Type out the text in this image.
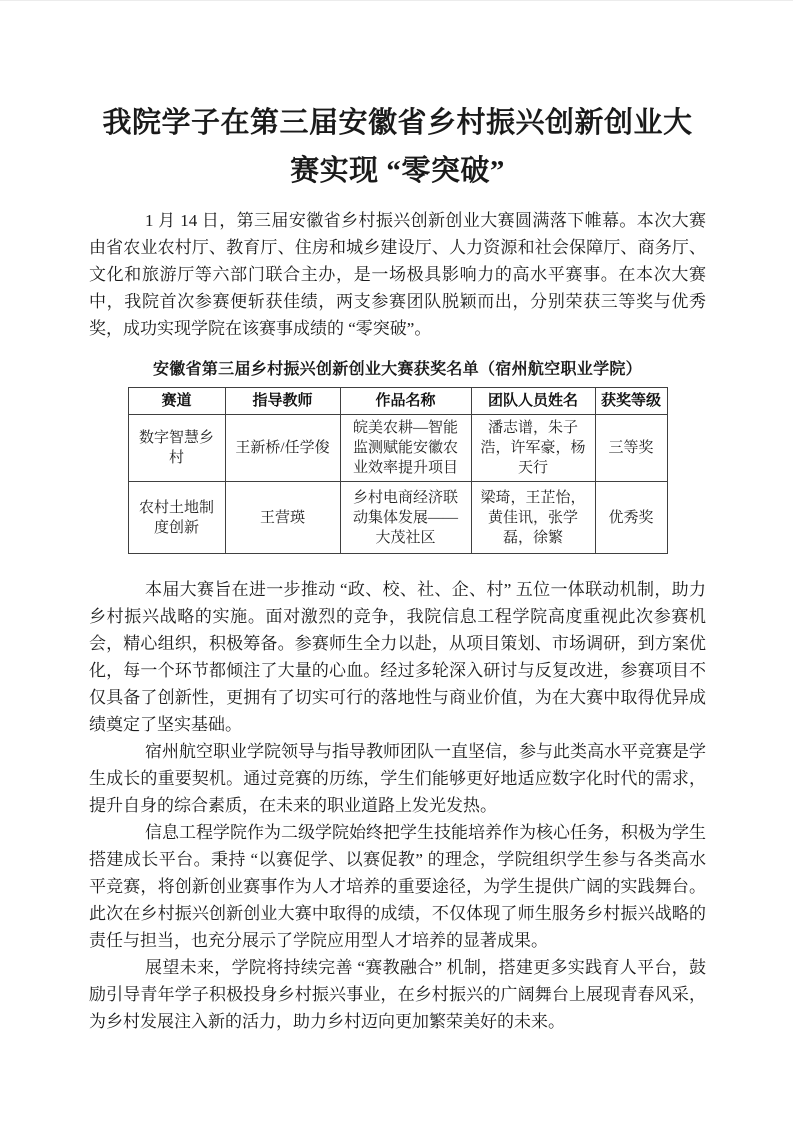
我院学子在第三届安徽省乡村振兴创新创业大
赛实现 “零突破”

1 月 14 日，第三届安徽省乡村振兴创新创业大赛圆满落下帷幕。本次大赛由省农业农村厅、教育厅、住房和城乡建设厅、人力资源和社会保障厅、商务厅、文化和旅游厅等六部门联合主办，是一场极具影响力的高水平赛事。在本次大赛中，我院首次参赛便斩获佳绩，两支参赛团队脱颖而出，分别荣获三等奖与优秀奖，成功实现学院在该赛事成绩的 “零突破”。

安徽省第三届乡村振兴创新创业大赛获奖名单（宿州航空职业学院）
赛道	指导教师	作品名称	团队人员姓名	获奖等级
数字智慧乡村	王新桥/任学俊	皖美农耕—智能监测赋能安徽农业效率提升项目	潘志谱，朱子浩，许军豪，杨天行	三等奖
农村土地制度创新	王营瑛	乡村电商经济联动集体发展——大茂社区	梁琦，王芷怡，黄佳讯，张学磊，徐繁	优秀奖

本届大赛旨在进一步推动 “政、校、社、企、村” 五位一体联动机制，助力乡村振兴战略的实施。面对激烈的竞争，我院信息工程学院高度重视此次参赛机会，精心组织，积极筹备。参赛师生全力以赴，从项目策划、市场调研，到方案优化，每一个环节都倾注了大量的心血。经过多轮深入研讨与反复改进，参赛项目不仅具备了创新性，更拥有了切实可行的落地性与商业价值，为在大赛中取得优异成绩奠定了坚实基础。

宿州航空职业学院领导与指导教师团队一直坚信，参与此类高水平竞赛是学生成长的重要契机。通过竞赛的历练，学生们能够更好地适应数字化时代的需求，提升自身的综合素质，在未来的职业道路上发光发热。

信息工程学院作为二级学院始终把学生技能培养作为核心任务，积极为学生搭建成长平台。秉持 “以赛促学、以赛促教” 的理念，学院组织学生参与各类高水平竞赛，将创新创业赛事作为人才培养的重要途径，为学生提供广阔的实践舞台。此次在乡村振兴创新创业大赛中取得的成绩，不仅体现了师生服务乡村振兴战略的责任与担当，也充分展示了学院应用型人才培养的显著成果。

展望未来，学院将持续完善 “赛教融合” 机制，搭建更多实践育人平台，鼓励引导青年学子积极投身乡村振兴事业，在乡村振兴的广阔舞台上展现青春风采，为乡村发展注入新的活力，助力乡村迈向更加繁荣美好的未来。
